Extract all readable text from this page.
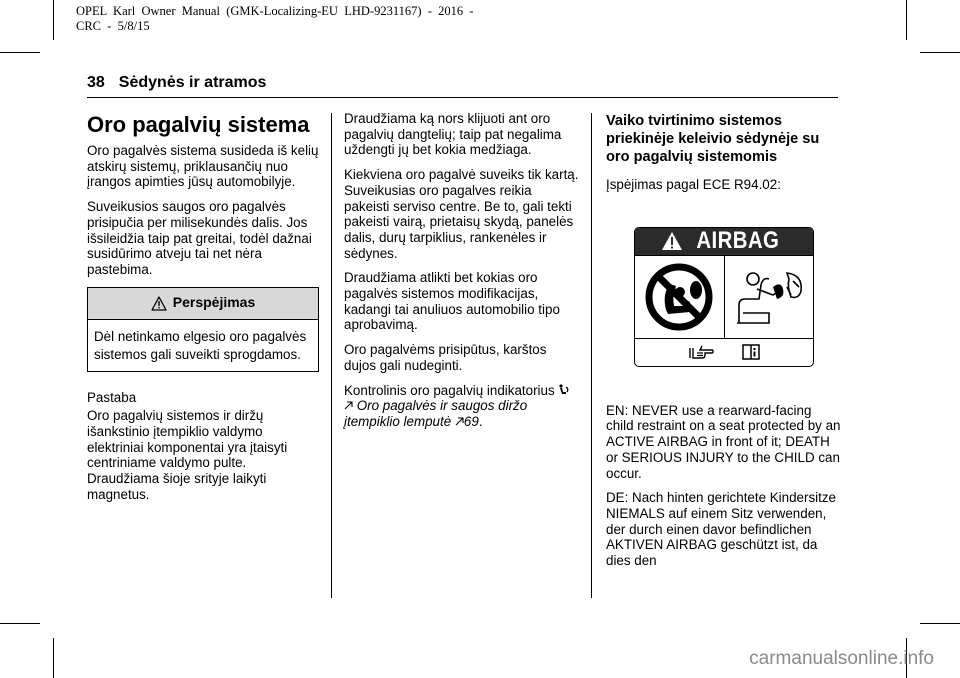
OPEL  Karl  Owner  Manual  (GMK-Localizing-EU  LHD-9231167)  -  2016  -
CRC  -  5/8/15
38 Sėdynės ir atramos
Oro pagalvių sistema

Oro pagalvės sistema susideda iš kelių atskirų sistemų, priklausančių nuo įrangos apimties jūsų automobilyje.

Suveikusios saugos oro pagalvės prisipučia per milisekundės dalis. Jos išsileidžia taip pat greitai, todėl dažnai susidūrimo atveju tai net nėra pastebima.

Perspėjimas
Dėl netinkamo elgesio oro pagalvės sistemos gali suveikti sprogdamos.

Pastaba

Oro pagalvių sistemos ir diržų išankstinio įtempiklio valdymo elektriniai komponentai yra įtaisyti centriniame valdymo pulte. Draudžiama šioje srityje laikyti magnetus.

Draudžiama ką nors klijuoti ant oro pagalvių dangtelių; taip pat negalima uždengti jų bet kokia medžiaga.

Kiekviena oro pagalvė suveiks tik kartą. Suveikusias oro pagalves reikia pakeisti serviso centre. Be to, gali tekti pakeisti vairą, prietaisų skydą, panelės dalis, durų tarpiklius, rankenėles ir sėdynes.

Draudžiama atlikti bet kokias oro pagalvės sistemos modifikacijas, kadangi tai anuliuos automobilio tipo aprobavimą.

Oro pagalvėms prisipūtus, karštos dujos gali nudeginti.

Kontrolinis oro pagalvių indikatorius   Oro pagalvės ir saugos diržo įtempiklio lemputė 69.

Vaiko tvirtinimo sistemos priekinėje keleivio sėdynėje su oro pagalvių sistemomis

Įspėjimas pagal ECE R94.02:

AIRBAG

EN: NEVER use a rearward-facing child restraint on a seat protected by an ACTIVE AIRBAG in front of it; DEATH or SERIOUS INJURY to the CHILD can occur.

DE: Nach hinten gerichtete Kindersitze NIEMALS auf einem Sitz verwenden, der durch einen davor befindlichen AKTIVEN AIRBAG geschützt ist, da dies den

carmanualsonline.info
